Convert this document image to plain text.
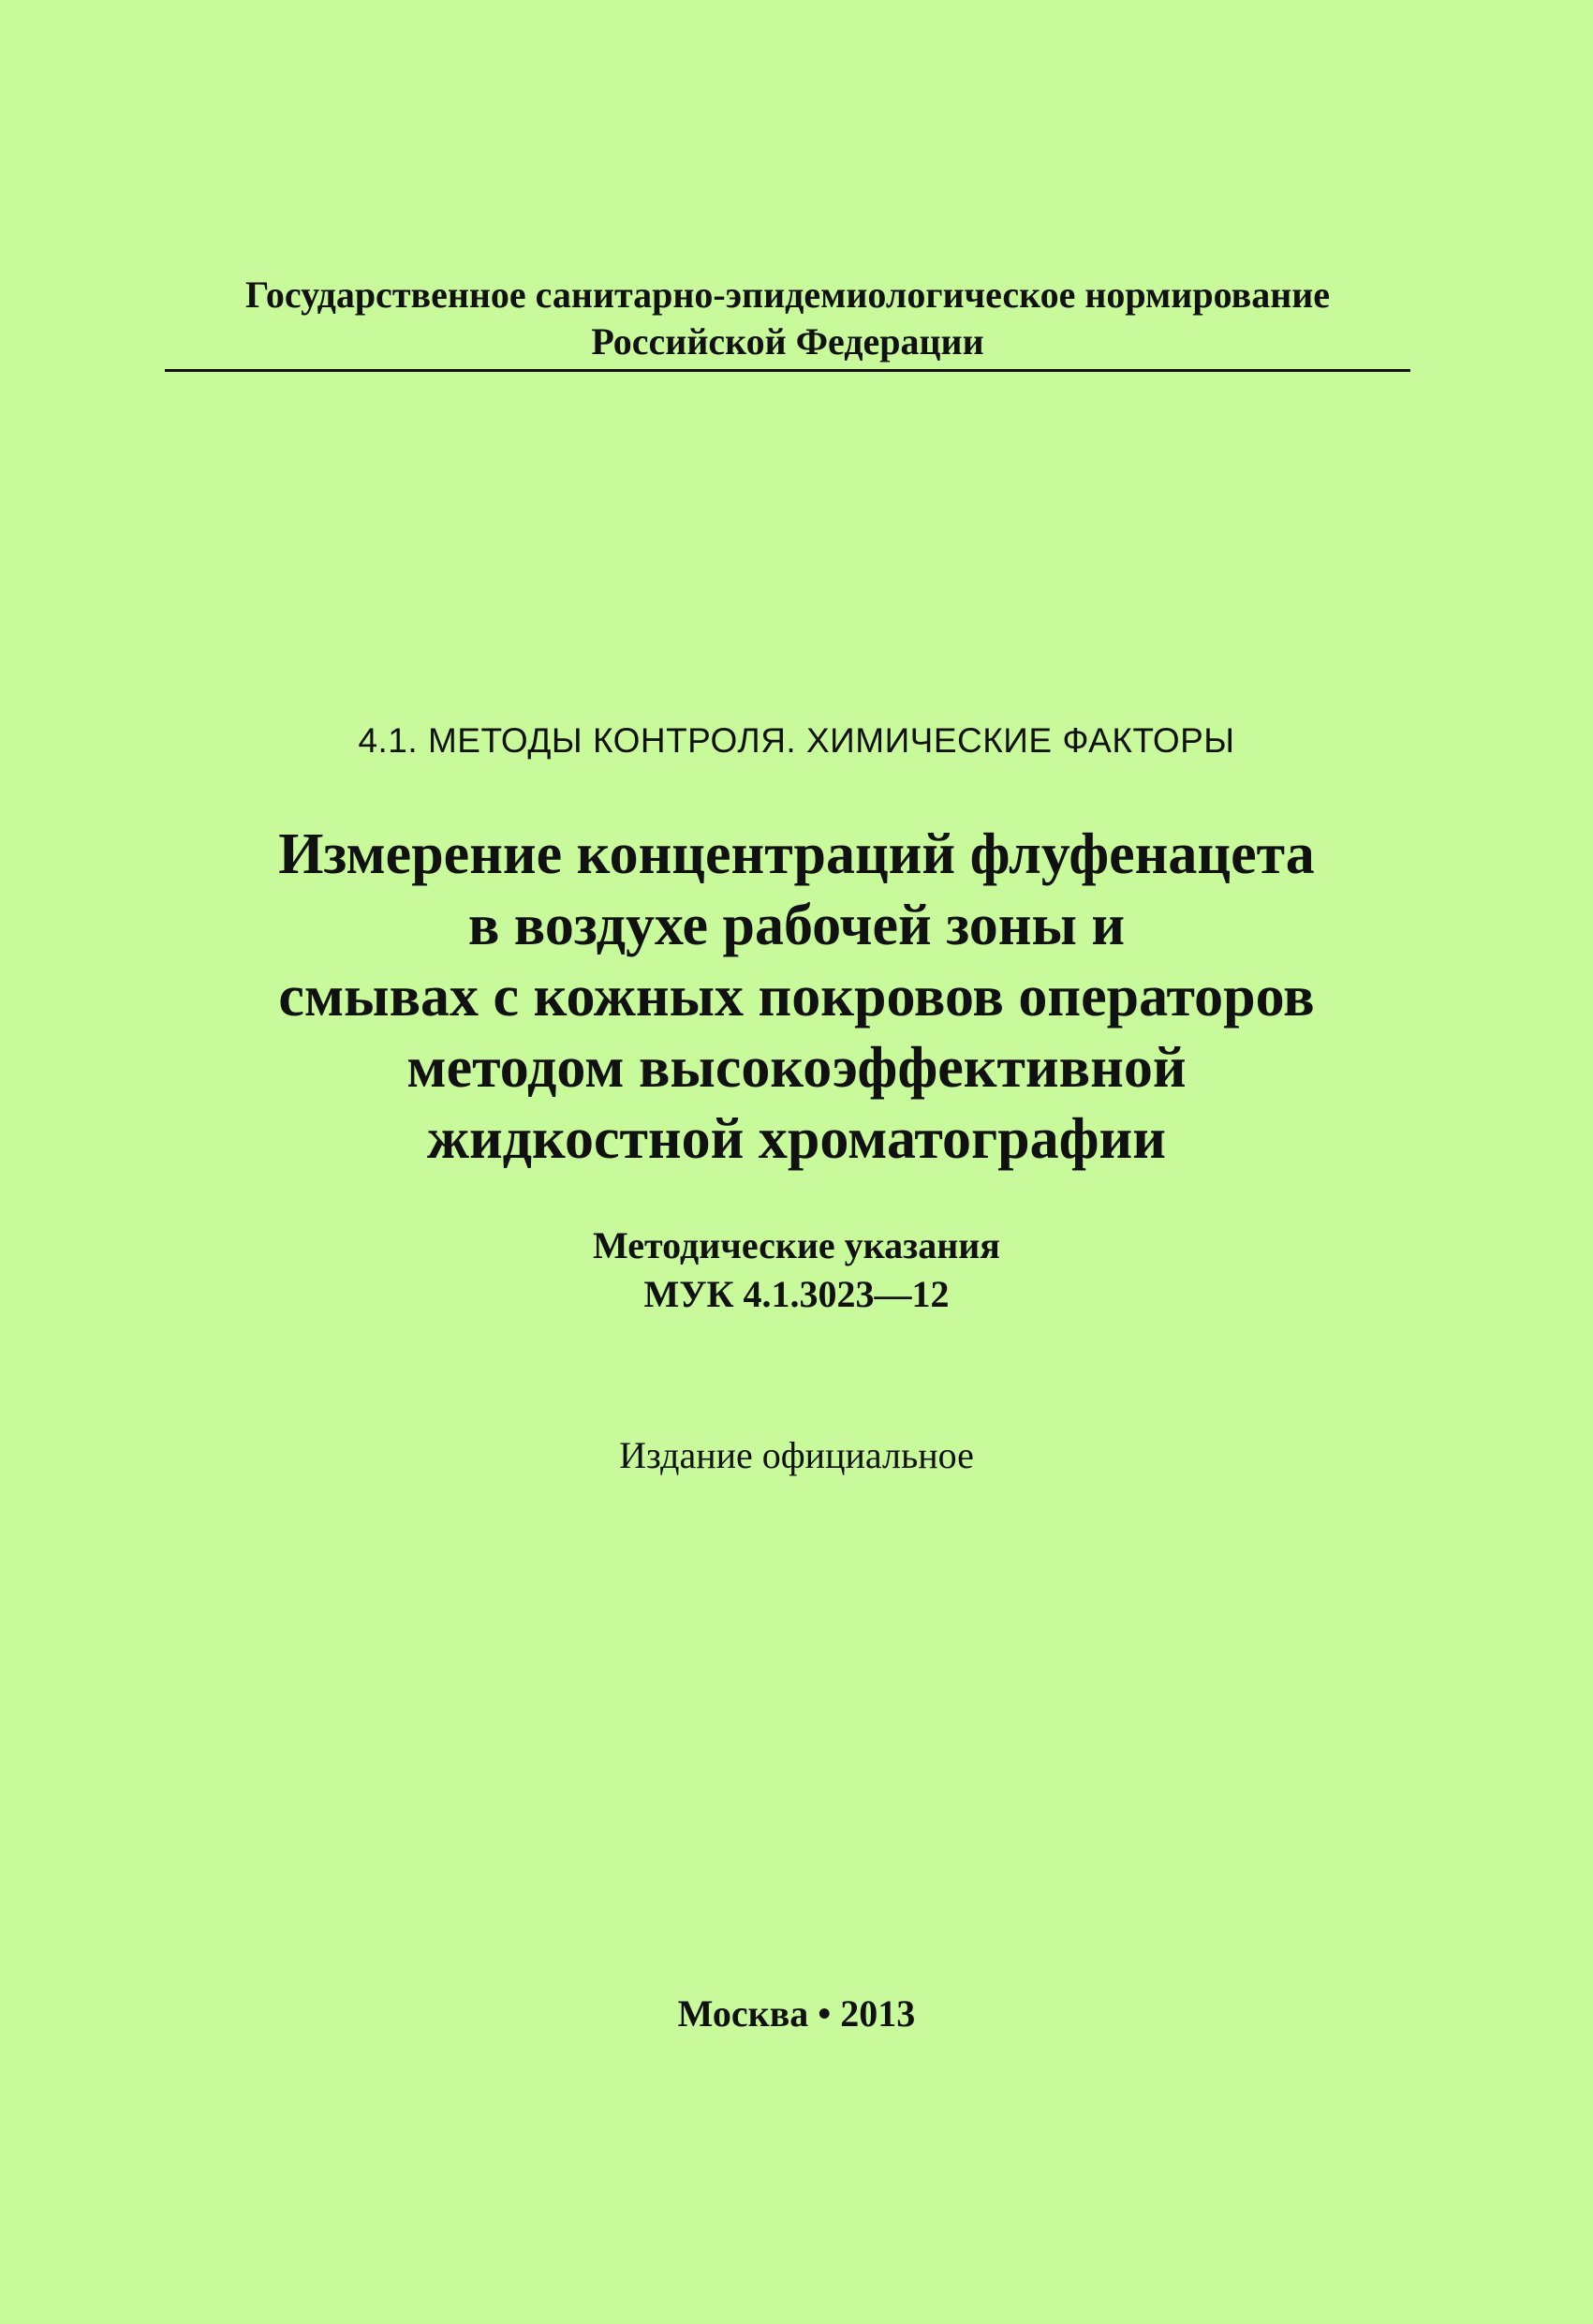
Государственное санитарно-эпидемиологическое нормирование
Российской Федерации
4.1. МЕТОДЫ КОНТРОЛЯ. ХИМИЧЕСКИЕ ФАКТОРЫ
Измерение концентраций флуфенацета
в воздухе рабочей зоны и
смывах с кожных покровов операторов
методом высокоэффективной
жидкостной хроматографии
Методические указания
МУК 4.1.3023—12
Издание официальное
Москва • 2013
